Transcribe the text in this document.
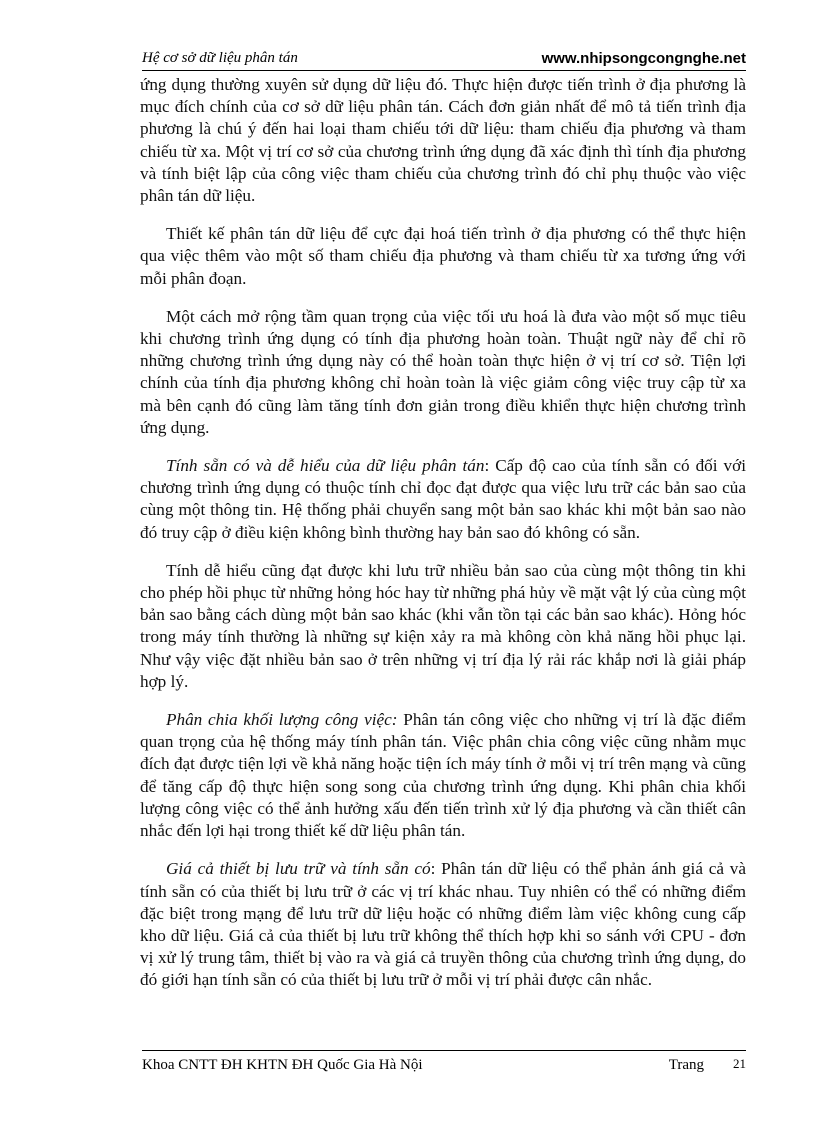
Hệ cơ sở dữ liệu phân tán	www.nhipsongcongnghe.net

ứng dụng thường xuyên sử dụng dữ liệu đó. Thực hiện được tiến trình ở địa phương là mục đích chính của cơ sở dữ liệu phân tán. Cách đơn giản nhất để mô tả tiến trình địa phương là chú ý đến hai loại tham chiếu tới dữ liệu: tham chiếu địa phương và tham chiếu từ xa. Một vị trí cơ sở của chương trình ứng dụng đã xác định thì tính địa phương và tính biệt lập của công việc tham chiếu của chương trình đó chỉ phụ thuộc vào việc phân tán dữ liệu.

Thiết kế phân tán dữ liệu để cực đại hoá tiến trình ở địa phương có thể thực hiện qua việc thêm vào một số tham chiếu địa phương và tham chiếu từ xa tương ứng với mỗi phân đoạn.

Một cách mở rộng tầm quan trọng của việc tối ưu hoá là đưa vào một số mục tiêu khi chương trình ứng dụng có tính địa phương hoàn toàn. Thuật ngữ này để chỉ rõ những chương trình ứng dụng này có thể hoàn toàn thực hiện ở vị trí cơ sở. Tiện lợi chính của tính địa phương không chỉ hoàn toàn là việc giảm công việc truy cập từ xa mà bên cạnh đó cũng làm tăng tính đơn giản trong điều khiển thực hiện chương trình ứng dụng.

Tính sẵn có và dễ hiểu của dữ liệu phân tán: Cấp độ cao của tính sẵn có đối với chương trình ứng dụng có thuộc tính chỉ đọc đạt được qua việc lưu trữ các bản sao của cùng một thông tin. Hệ thống phải chuyển sang một bản sao khác khi một bản sao nào đó truy cập ở điều kiện không bình thường hay bản sao đó không có sẵn.

Tính dễ hiểu cũng đạt được khi lưu trữ nhiều bản sao của cùng một thông tin khi cho phép hồi phục từ những hỏng hóc hay từ những phá hủy về mặt vật lý của cùng một bản sao bằng cách dùng một bản sao khác (khi vẫn tồn tại các bản sao khác). Hỏng hóc trong máy tính thường là những sự kiện xảy ra mà không còn khả năng hồi phục lại. Như vậy việc đặt nhiều bản sao ở trên những vị trí địa lý rải rác khắp nơi là giải pháp hợp lý.

Phân chia khối lượng công việc: Phân tán công việc cho những vị trí là đặc điểm quan trọng của hệ thống máy tính phân tán. Việc phân chia công việc cũng nhằm mục đích đạt được tiện lợi về khả năng hoặc tiện ích máy tính ở mỗi vị trí trên mạng và cũng để tăng cấp độ thực hiện song song của chương trình ứng dụng. Khi phân chia khối lượng công việc có thể ảnh hưởng xấu đến tiến trình xử lý địa phương và cần thiết cân nhắc đến lợi hại trong thiết kế dữ liệu phân tán.

Giá cả thiết bị lưu trữ và tính sẵn có: Phân tán dữ liệu có thể phản ánh giá cả và tính sẵn có của thiết bị lưu trữ ở các vị trí khác nhau. Tuy nhiên có thể có những điểm đặc biệt trong mạng để lưu trữ dữ liệu hoặc có những điểm làm việc không cung cấp kho dữ liệu. Giá cả của thiết bị lưu trữ không thể thích hợp khi so sánh với CPU - đơn vị xử lý trung tâm, thiết bị vào ra và giá cả truyền thông của chương trình ứng dụng, do đó giới hạn tính sẵn có của thiết bị lưu trữ ở mỗi vị trí phải được cân nhắc.

Khoa CNTT ĐH KHTN ĐH Quốc Gia Hà Nội	Trang 21
